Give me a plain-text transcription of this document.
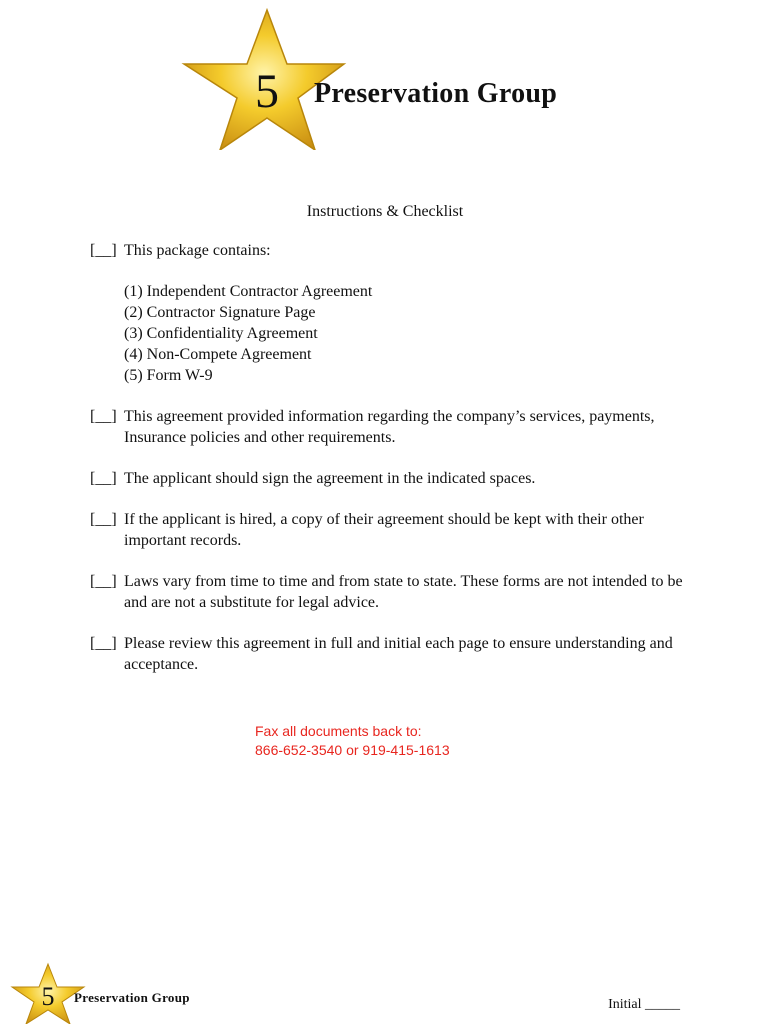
5 Preservation Group
Instructions & Checklist
[__] This package contains:
(1) Independent Contractor Agreement
(2) Contractor Signature Page
(3) Confidentiality Agreement
(4) Non-Compete Agreement
(5) Form W-9
[__] This agreement provided information regarding the company’s services, payments, Insurance policies and other requirements.
[__] The applicant should sign the agreement in the indicated spaces.
[__] If the applicant is hired, a copy of their agreement should be kept with their other important records.
[__] Laws vary from time to time and from state to state. These forms are not intended to be and are not a substitute for legal advice.
[__] Please review this agreement in full and initial each page to ensure understanding and acceptance.
Fax all documents back to:
866-652-3540 or 919-415-1613
5	Preservation Group	Initial _____
